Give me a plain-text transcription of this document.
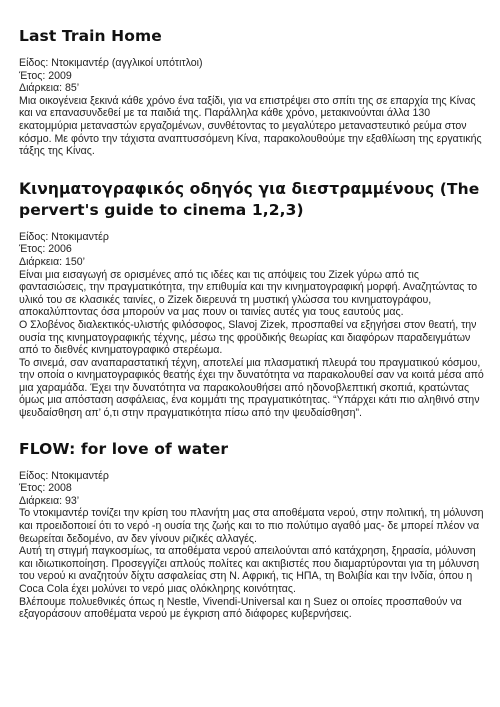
Last Train Home

Είδος: Ντοκιμαντέρ (αγγλικοί υπότιτλοι)

Έτος: 2009

Διάρκεια: 85’

Μια οικογένεια ξεκινά κάθε χρόνο ένα ταξίδι, για να επιστρέψει στο σπίτι της σε επαρχία της Κίνας και να επανασυνδεθεί με τα παιδιά της. Παράλληλα κάθε χρόνο, μετακινούνται άλλα 130 εκατομμύρια μεταναστών εργαζομένων, συνθέτοντας το μεγαλύτερο μεταναστευτικό ρεύμα στον κόσμο. Με φόντο την τάχιστα αναπτυσσόμενη Κίνα, παρακολουθούμε την εξαθλίωση της εργατικής τάξης της Κίνας.

Κινηματογραφικός οδηγός για διεστραμμένους (The pervert's guide to cinema 1,2,3)

Είδος: Ντοκιμαντέρ

Έτος: 2006

Διάρκεια: 150’

Είναι μια εισαγωγή σε ορισμένες από τις ιδέες και τις απόψεις του Zizek γύρω από τις φαντασιώσεις, την πραγματικότητα, την επιθυμία και την κινηματογραφική μορφή. Αναζητώντας το υλικό του σε κλασικές ταινίες, ο Zizek διερευνά τη μυστική γλώσσα του κινηματογράφου, αποκαλύπτοντας όσα μπορούν να μας πουν οι ταινίες αυτές για τους εαυτούς μας.

Ο Σλοβένος διαλεκτικός-υλιστής φιλόσοφος, Slavoj Zizek, προσπαθεί να εξηγήσει στον θεατή, την ουσία της κινηματογραφικής τέχνης, μέσω της φροϋδικής θεωρίας και διαφόρων παραδειγμάτων από το διεθνές κινηματογραφικό στερέωμα.

Το σινεμά, σαν αναπαραστατική τέχνη, αποτελεί μια πλασματική πλευρά του πραγματικού κόσμου, την οποία ο κινηματογραφικός θεατής έχει την δυνατότητα να παρακολουθεί σαν να κοιτά μέσα από μια χαραμάδα. Έχει την δυνατότητα να παρακολουθήσει από ηδονοβλεπτική σκοπιά, κρατώντας όμως μια απόσταση ασφάλειας, ένα κομμάτι της πραγματικότητας. “Υπάρχει κάτι πιο αληθινό στην ψευδαίσθηση απ’ ό,τι στην πραγματικότητα πίσω από την ψευδαίσθηση”.

FLOW: for love of water

Είδος: Ντοκιμαντέρ

Έτος: 2008

Διάρκεια: 93’

Το ντοκιμαντέρ τονίζει την κρίση του πλανήτη μας στα αποθέματα νερού, στην πολιτική, τη μόλυνση και προειδοποιεί ότι το νερό -η ουσία της ζωής και το πιο πολύτιμο αγαθό μας- δε μπορεί πλέον να θεωρείται δεδομένο, αν δεν γίνουν ριζικές αλλαγές.

Αυτή τη στιγμή παγκοσμίως, τα αποθέματα νερού απειλούνται από κατάχρηση, ξηρασία, μόλυνση και ιδιωτικοποίηση. Προσεγγίζει απλούς πολίτες και ακτιβιστές που διαμαρτύρονται για τη μόλυνση του νερού κι αναζητούν δίχτυ ασφαλείας στη Ν. Αφρική, τις ΗΠΑ, τη Βολιβία και την Ινδία, όπου η Coca Cola έχει μολύνει το νερό μιας ολόκληρης κοινότητας.

Βλέπουμε πολυεθνικές όπως η Nestle, Vivendi-Universal και η Suez οι οποίες προσπαθούν να εξαγοράσουν αποθέματα νερού με έγκριση από διάφορες κυβερνήσεις.
